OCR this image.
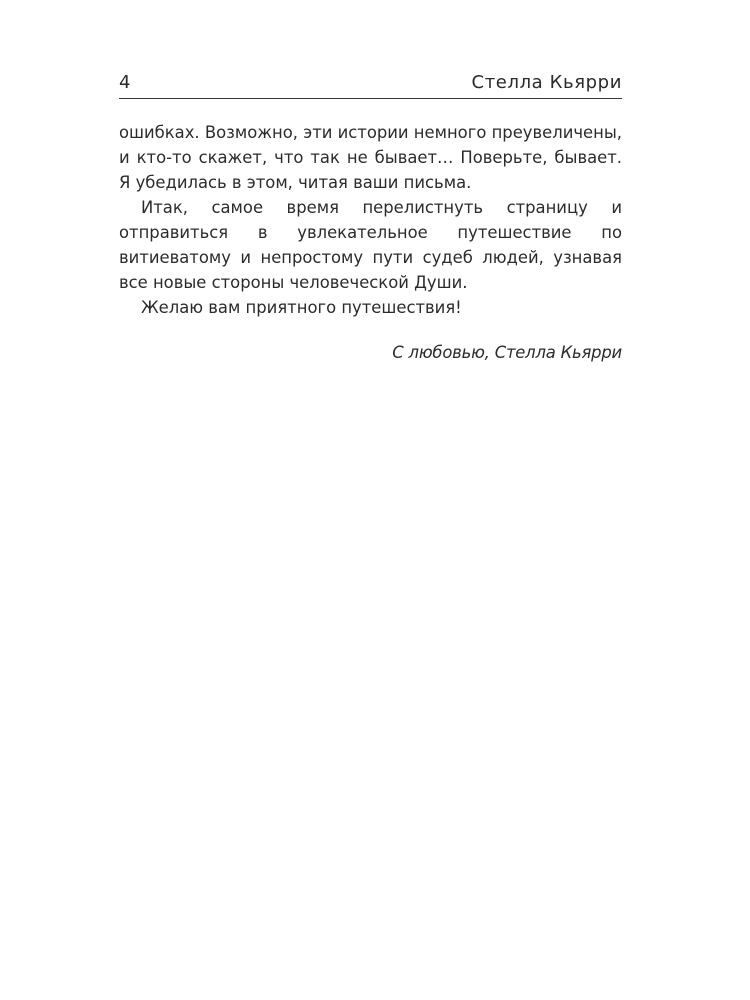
4	Стелла Кьярри

ошибках. Возможно, эти истории немного преувеличены, и кто-то скажет, что так не бывает… Поверьте, бывает. Я убедилась в этом, читая ваши письма.

Итак, самое время перелистнуть страницу и отправиться в увлекательное путешествие по витиеватому и непростому пути судеб людей, узнавая все новые стороны человеческой Души.

Желаю вам приятного путешествия!

С любовью, Стелла Кьярри
